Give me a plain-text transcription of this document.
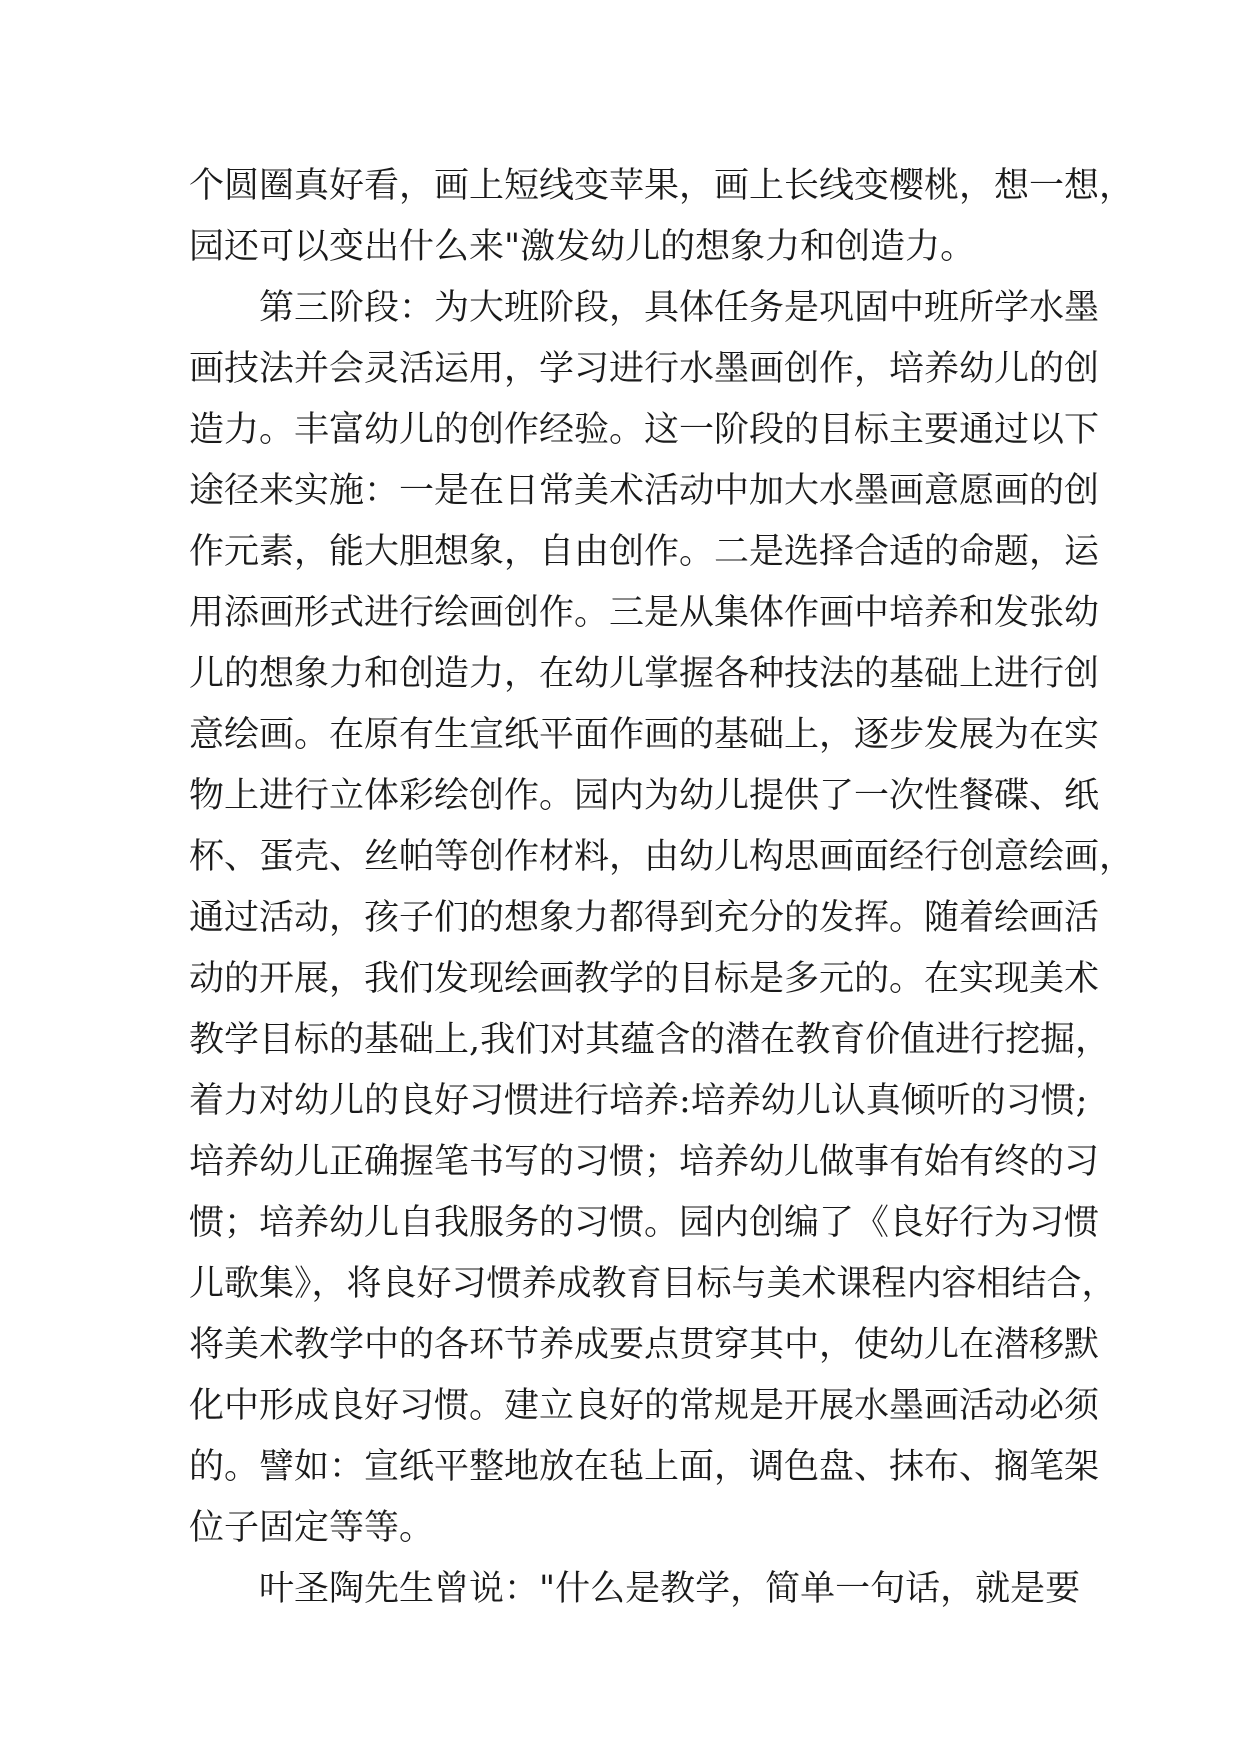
个圆圈真好看，画上短线变苹果，画上长线变樱桃，想一想，
园还可以变出什么来"激发幼儿的想象力和创造力。
　　第三阶段：为大班阶段，具体任务是巩固中班所学水墨
画技法并会灵活运用，学习进行水墨画创作，培养幼儿的创
造力。丰富幼儿的创作经验。这一阶段的目标主要通过以下
途径来实施：一是在日常美术活动中加大水墨画意愿画的创
作元素，能大胆想象，自由创作。二是选择合适的命题，运
用添画形式进行绘画创作。三是从集体作画中培养和发张幼
儿的想象力和创造力，在幼儿掌握各种技法的基础上进行创
意绘画。在原有生宣纸平面作画的基础上，逐步发展为在实
物上进行立体彩绘创作。园内为幼儿提供了一次性餐碟、纸
杯、蛋壳、丝帕等创作材料，由幼儿构思画面经行创意绘画，
通过活动，孩子们的想象力都得到充分的发挥。随着绘画活
动的开展，我们发现绘画教学的目标是多元的。在实现美术
教学目标的基础上,我们对其蕴含的潜在教育价值进行挖掘，
着力对幼儿的良好习惯进行培养:培养幼儿认真倾听的习惯;
培养幼儿正确握笔书写的习惯；培养幼儿做事有始有终的习
惯；培养幼儿自我服务的习惯。园内创编了《良好行为习惯
儿歌集》，将良好习惯养成教育目标与美术课程内容相结合，
将美术教学中的各环节养成要点贯穿其中，使幼儿在潜移默
化中形成良好习惯。建立良好的常规是开展水墨画活动必须
的。譬如：宣纸平整地放在毡上面，调色盘、抹布、搁笔架
位子固定等等。
　　叶圣陶先生曾说："什么是教学，简单一句话，就是要
